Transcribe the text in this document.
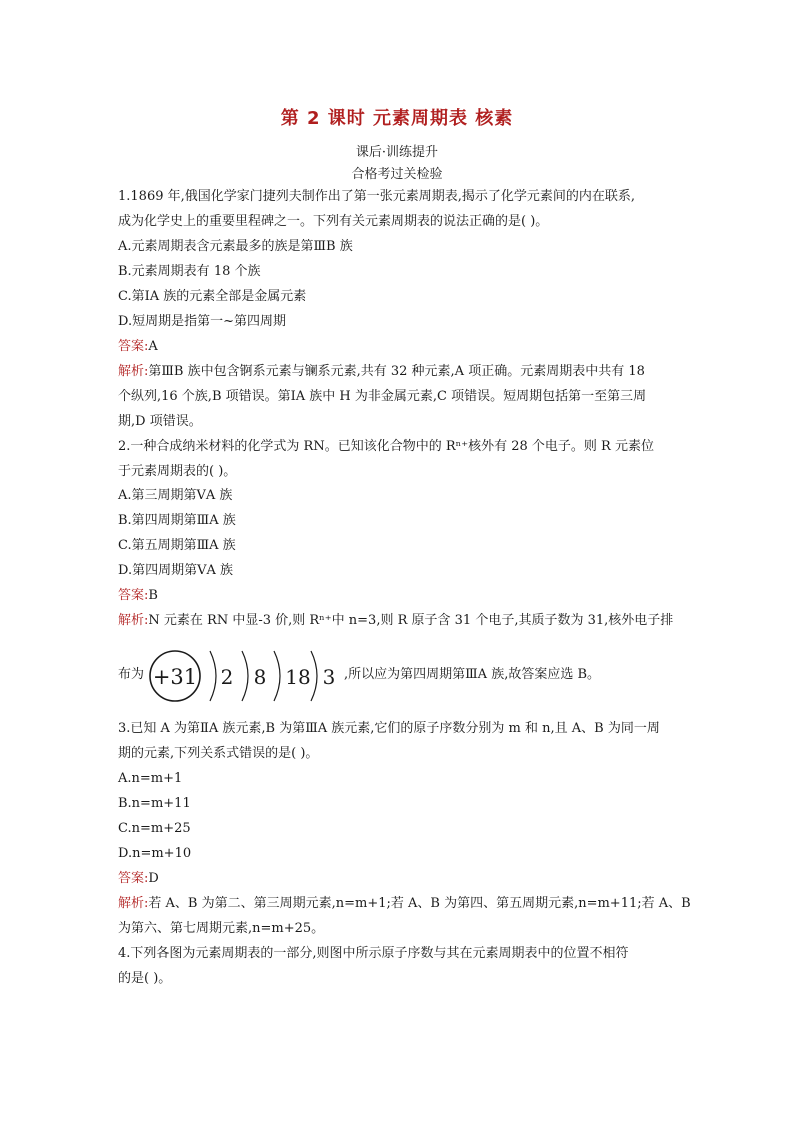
第 2 课时 元素周期表 核素
课后·训练提升
合格考过关检验
1.1869 年,俄国化学家门捷列夫制作出了第一张元素周期表,揭示了化学元素间的内在联系,
成为化学史上的重要里程碑之一。下列有关元素周期表的说法正确的是( )。
A.元素周期表含元素最多的族是第ⅢB 族
B.元素周期表有 18 个族
C.第ⅠA 族的元素全部是金属元素
D.短周期是指第一~第四周期
答案:A
解析:第ⅢB 族中包含锕系元素与镧系元素,共有 32 种元素,A 项正确。元素周期表中共有 18
个纵列,16 个族,B 项错误。第ⅠA 族中 H 为非金属元素,C 项错误。短周期包括第一至第三周
期,D 项错误。
2.一种合成纳米材料的化学式为 RN。已知该化合物中的 Rⁿ⁺核外有 28 个电子。则 R 元素位
于元素周期表的( )。
A.第三周期第ⅤA 族
B.第四周期第ⅢA 族
C.第五周期第ⅢA 族
D.第四周期第ⅤA 族
答案:B
解析:N 元素在 RN 中显-3 价,则 Rⁿ⁺中 n=3,则 R 原子含 31 个电子,其质子数为 31,核外电子排
布为 +31 2 8 18 3 ,所以应为第四周期第ⅢA 族,故答案应选 B。
3.已知 A 为第ⅡA 族元素,B 为第ⅢA 族元素,它们的原子序数分别为 m 和 n,且 A、B 为同一周
期的元素,下列关系式错误的是( )。
A.n=m+1
B.n=m+11
C.n=m+25
D.n=m+10
答案:D
解析:若 A、B 为第二、第三周期元素,n=m+1;若 A、B 为第四、第五周期元素,n=m+11;若 A、B
为第六、第七周期元素,n=m+25。
4.下列各图为元素周期表的一部分,则图中所示原子序数与其在元素周期表中的位置不相符
的是( )。
